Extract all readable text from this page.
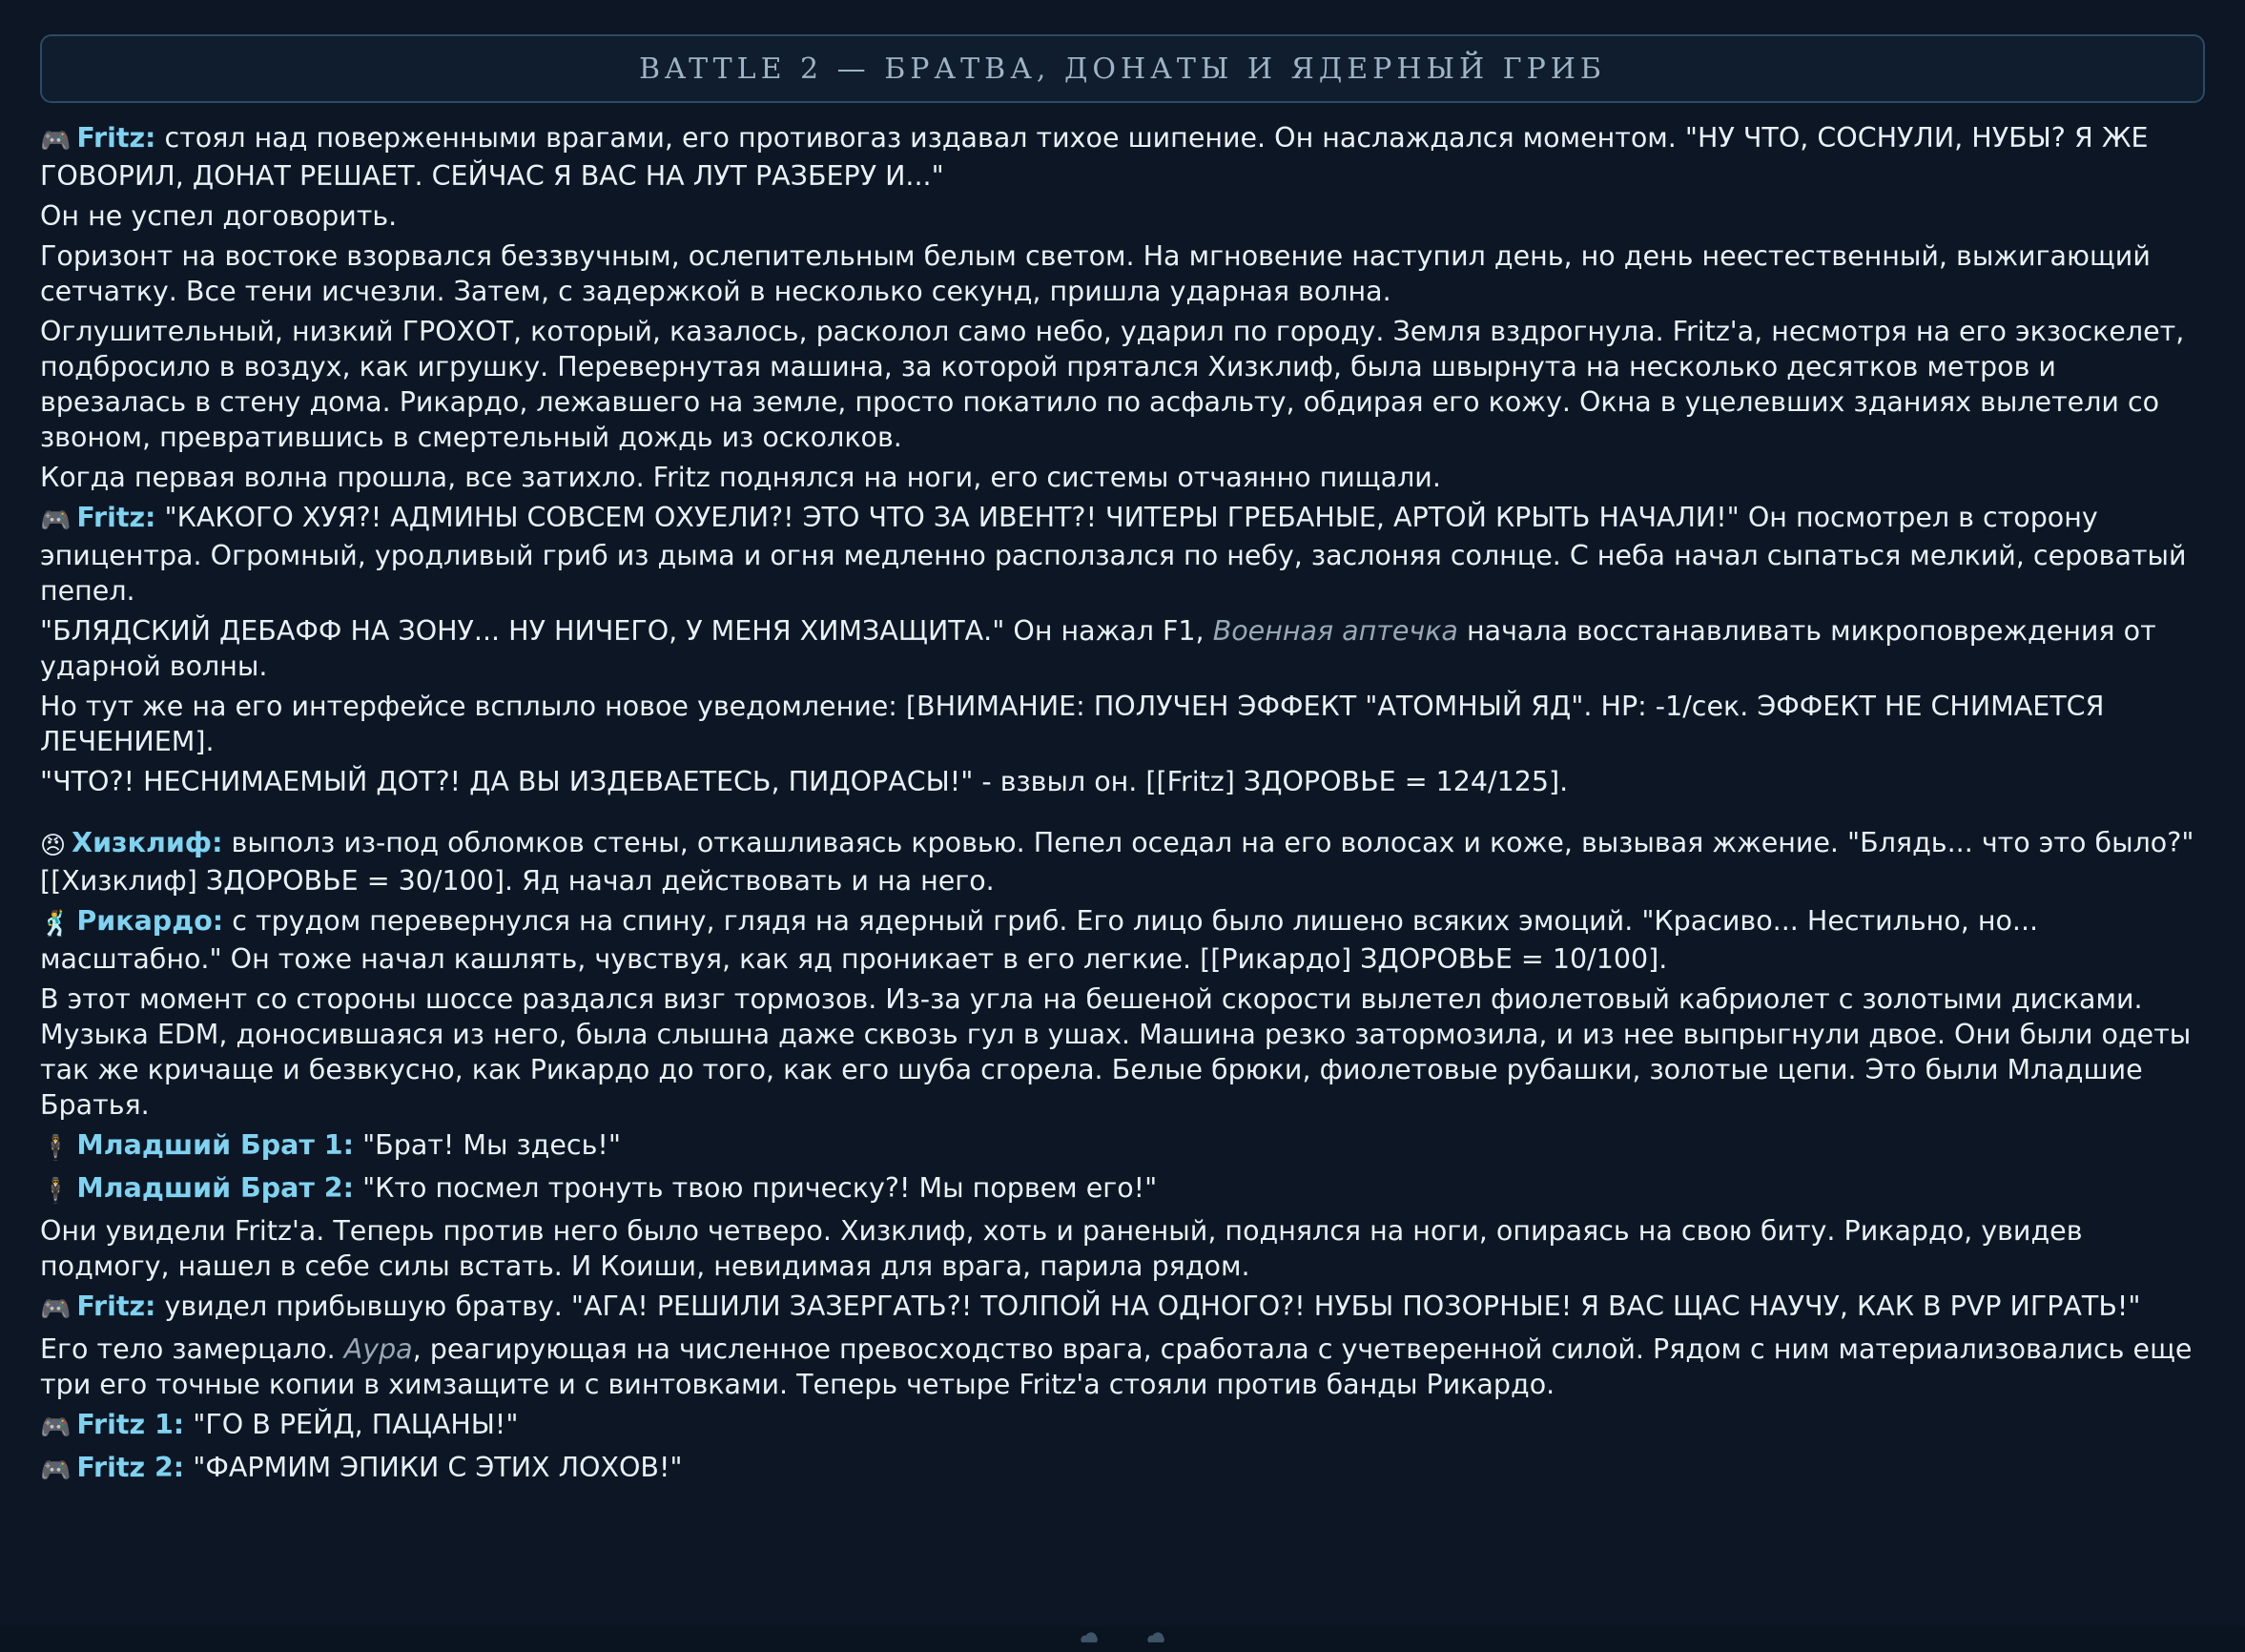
BATTLE 2 — БРАТВА, ДОНАТЫ И ЯДЕРНЫЙ ГРИБ

🎮 Fritz: стоял над поверженными врагами, его противогаз издавал тихое шипение. Он наслаждался моментом. "НУ ЧТО, СОСНУЛИ, НУБЫ? Я ЖЕ ГОВОРИЛ, ДОНАТ РЕШАЕТ. СЕЙЧАС Я ВАС НА ЛУТ РАЗБЕРУ И..."

Он не успел договорить.

Горизонт на востоке взорвался беззвучным, ослепительным белым светом. На мгновение наступил день, но день неестественный, выжигающий сетчатку. Все тени исчезли. Затем, с задержкой в несколько секунд, пришла ударная волна.

Оглушительный, низкий ГРОХОТ, который, казалось, расколол само небо, ударил по городу. Земля вздрогнула. Fritz'a, несмотря на его экзоскелет, подбросило в воздух, как игрушку. Перевернутая машина, за которой прятался Хизклиф, была швырнута на несколько десятков метров и врезалась в стену дома. Рикардо, лежавшего на земле, просто покатило по асфальту, обдирая его кожу. Окна в уцелевших зданиях вылетели со звоном, превратившись в смертельный дождь из осколков.

Когда первая волна прошла, все затихло. Fritz поднялся на ноги, его системы отчаянно пищали.

🎮 Fritz: "КАКОГО ХУЯ?! АДМИНЫ СОВСЕМ ОХУЕЛИ?! ЭТО ЧТО ЗА ИВЕНТ?! ЧИТЕРЫ ГРЕБАНЫЕ, АРТОЙ КРЫТЬ НАЧАЛИ!" Он посмотрел в сторону эпицентра. Огромный, уродливый гриб из дыма и огня медленно расползался по небу, заслоняя солнце. С неба начал сыпаться мелкий, сероватый пепел.

"БЛЯДСКИЙ ДЕБАФФ НА ЗОНУ... НУ НИЧЕГО, У МЕНЯ ХИМЗАЩИТА." Он нажал F1, Военная аптечка начала восстанавливать микроповреждения от ударной волны.

Но тут же на его интерфейсе всплыло новое уведомление: [ВНИМАНИЕ: ПОЛУЧЕН ЭФФЕКТ "АТОМНЫЙ ЯД". HP: -1/сек. ЭФФЕКТ НЕ СНИМАЕТСЯ ЛЕЧЕНИЕМ].

"ЧТО?! НЕСНИМАЕМЫЙ ДОТ?! ДА ВЫ ИЗДЕВАЕТЕСЬ, ПИДОРАСЫ!" - взвыл он. [[Fritz] ЗДОРОВЬЕ = 124/125].

😠 Хизклиф: выполз из-под обломков стены, откашливаясь кровью. Пепел оседал на его волосах и коже, вызывая жжение. "Блядь... что это было?" [[Хизклиф] ЗДОРОВЬЕ = 30/100]. Яд начал действовать и на него.

🕺 Рикардо: с трудом перевернулся на спину, глядя на ядерный гриб. Его лицо было лишено всяких эмоций. "Красиво... Нестильно, но... масштабно." Он тоже начал кашлять, чувствуя, как яд проникает в его легкие. [[Рикардо] ЗДОРОВЬЕ = 10/100].

В этот момент со стороны шоссе раздался визг тормозов. Из-за угла на бешеной скорости вылетел фиолетовый кабриолет с золотыми дисками. Музыка EDM, доносившаяся из него, была слышна даже сквозь гул в ушах. Машина резко затормозила, и из нее выпрыгнули двое. Они были одеты так же кричаще и безвкусно, как Рикардо до того, как его шуба сгорела. Белые брюки, фиолетовые рубашки, золотые цепи. Это были Младшие Братья.

🕴 Младший Брат 1: "Брат! Мы здесь!"

🕴 Младший Брат 2: "Кто посмел тронуть твою прическу?! Мы порвем его!"

Они увидели Fritz'a. Теперь против него было четверо. Хизклиф, хоть и раненый, поднялся на ноги, опираясь на свою биту. Рикардо, увидев подмогу, нашел в себе силы встать. И Коиши, невидимая для врага, парила рядом.

🎮 Fritz: увидел прибывшую братву. "АГА! РЕШИЛИ ЗАЗЕРГАТЬ?! ТОЛПОЙ НА ОДНОГО?! НУБЫ ПОЗОРНЫЕ! Я ВАС ЩАС НАУЧУ, КАК В PVP ИГРАТЬ!"

Его тело замерцало. Аура, реагирующая на численное превосходство врага, сработала с учетверенной силой. Рядом с ним материализовались еще три его точные копии в химзащите и с винтовками. Теперь четыре Fritz'a стояли против банды Рикардо.

🎮 Fritz 1: "ГО В РЕЙД, ПАЦАНЫ!"

🎮 Fritz 2: "ФАРМИМ ЭПИКИ С ЭТИХ ЛОХОВ!"
